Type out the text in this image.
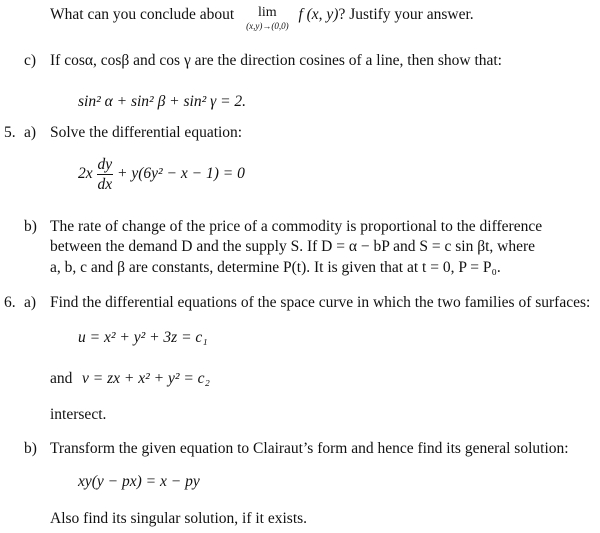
What can you conclude about	lim
(x,y)→(0,0)
f (x, y)? Justify your answer.
c) If cosα, cosβ and cos γ are the direction cosines of a line, then show that:
sin² α + sin² β + sin² γ = 2.
5. a) Solve the differential equation:
$2x \frac{dy}{dx} + y(6y^2 - x - 1) = 0$
b) The rate of change of the price of a commodity is proportional to the difference
between the demand D and the supply S. If D = α − bP and S = c sin βt, where
a, b, c and β are constants, determine P(t). It is given that at t = 0, P = P₀.
6. a) Find the differential equations of the space curve in which the two families of surfaces:
u = x² + y² + 3z = c₁
and v = zx + x² + y² = c₂
intersect.
b) Transform the given equation to Clairaut’s form and hence find its general solution:
xy(y − px) = x − py
Also find its singular solution, if it exists.
